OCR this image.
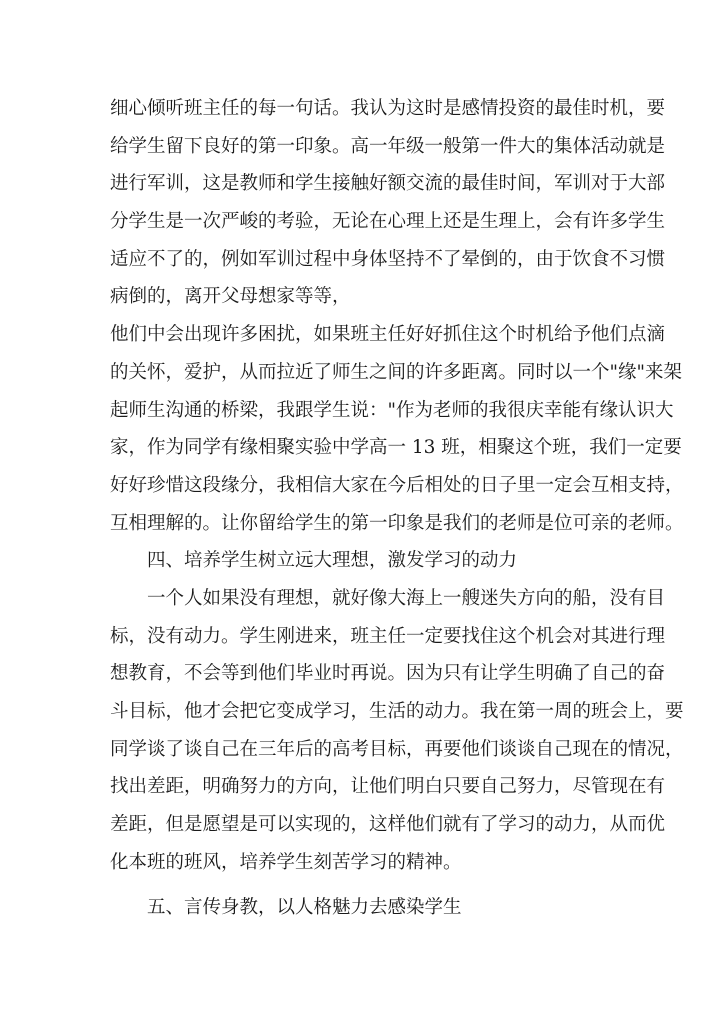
细心倾听班主任的每一句话。我认为这时是感情投资的最佳时机，要
给学生留下良好的第一印象。高一年级一般第一件大的集体活动就是
进行军训，这是教师和学生接触好额交流的最佳时间，军训对于大部
分学生是一次严峻的考验，无论在心理上还是生理上，会有许多学生
适应不了的，例如军训过程中身体坚持不了晕倒的，由于饮食不习惯
病倒的，离开父母想家等等，
他们中会出现许多困扰，如果班主任好好抓住这个时机给予他们点滴
的关怀，爱护，从而拉近了师生之间的许多距离。同时以一个"缘"来架
起师生沟通的桥梁，我跟学生说："作为老师的我很庆幸能有缘认识大
家，作为同学有缘相聚实验中学高一 13 班，相聚这个班，我们一定要
好好珍惜这段缘分，我相信大家在今后相处的日子里一定会互相支持，
互相理解的。让你留给学生的第一印象是我们的老师是位可亲的老师。
四、培养学生树立远大理想，激发学习的动力
一个人如果没有理想，就好像大海上一艘迷失方向的船，没有目
标，没有动力。学生刚进来，班主任一定要找住这个机会对其进行理
想教育，不会等到他们毕业时再说。因为只有让学生明确了自己的奋
斗目标，他才会把它变成学习，生活的动力。我在第一周的班会上，要
同学谈了谈自己在三年后的高考目标，再要他们谈谈自己现在的情况，
找出差距，明确努力的方向，让他们明白只要自己努力，尽管现在有
差距，但是愿望是可以实现的，这样他们就有了学习的动力，从而优
化本班的班风，培养学生刻苦学习的精神。
五、言传身教，以人格魅力去感染学生
